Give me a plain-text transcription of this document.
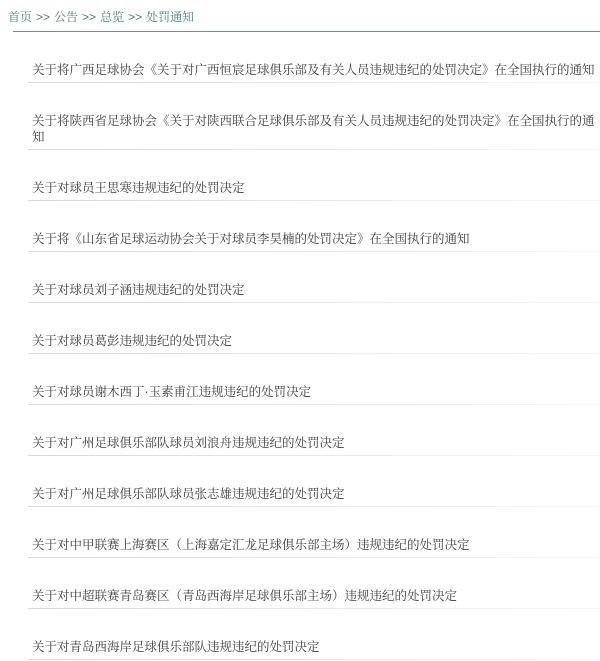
首页 >> 公告 >> 总览 >> 处罚通知
关于将广西足球协会《关于对广西恒宸足球俱乐部及有关人员违规违纪的处罚决定》在全国执行的通知
关于将陕西省足球协会《关于对陕西联合足球俱乐部及有关人员违规违纪的处罚决定》在全国执行的通知
关于对球员王思寒违规违纪的处罚决定
关于将《山东省足球运动协会关于对球员李昊楠的处罚决定》在全国执行的通知
关于对球员刘子涵违规违纪的处罚决定
关于对球员葛彭违规违纪的处罚决定
关于对球员谢木西丁·玉素甫江违规违纪的处罚决定
关于对广州足球俱乐部队球员刘浪舟违规违纪的处罚决定
关于对广州足球俱乐部队球员张志雄违规违纪的处罚决定
关于对中甲联赛上海赛区（上海嘉定汇龙足球俱乐部主场）违规违纪的处罚决定
关于对中超联赛青岛赛区（青岛西海岸足球俱乐部主场）违规违纪的处罚决定
关于对青岛西海岸足球俱乐部队违规违纪的处罚决定
